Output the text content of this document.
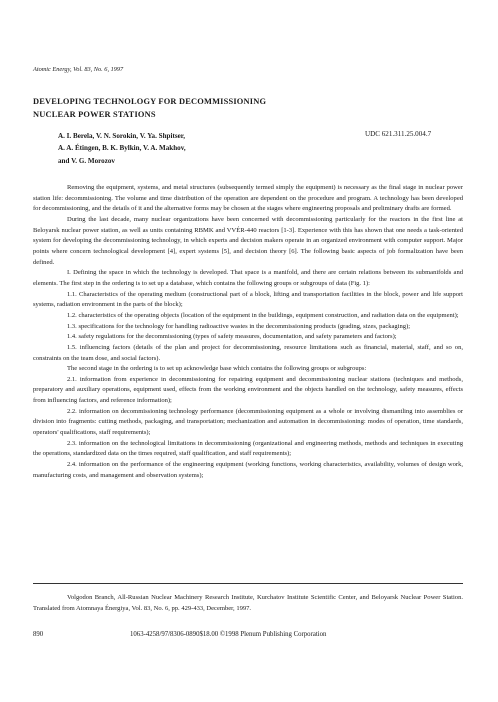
Atomic Energy, Vol. 83, No. 6, 1997
DEVELOPING TECHNOLOGY FOR DECOMMISSIONING
NUCLEAR POWER STATIONS
A. I. Berela, V. N. Sorokin, V. Ya. Shpitser,
A. A. Étingen, B. K. Bylkin, V. A. Makhov,
and V. G. Morozov
UDC 621.311.25.004.7

Removing the equipment, systems, and metal structures (subsequently termed simply the equipment) is necessary as the final stage in nuclear power station life: decommissioning. The volume and time distribution of the operation are dependent on the procedure and program. A technology has been developed for decommissioning, and the details of it and the alternative forms may be chosen at the stages where engineering proposals and preliminary drafts are formed.

During the last decade, many nuclear organizations have been concerned with decommissioning particularly for the reactors in the first line at Beloyarsk nuclear power station, as well as units containing RBMK and VVÉR-440 reactors [1-3]. Experience with this has shown that one needs a task-oriented system for developing the decommissioning technology, in which experts and decision makers operate in an organized environment with computer support. Major points where concern technological development [4], expert systems [5], and decision theory [6]. The following basic aspects of job formalization have been defined.

I. Defining the space in which the technology is developed. That space is a manifold, and there are certain relations between its submanifolds and elements. The first step in the ordering is to set up a database, which contains the following groups or subgroups of data (Fig. 1):

1.1. Characteristics of the operating medium (constructional part of a block, lifting and transportation facilities in the block, power and life support systems, radiation environment in the parts of the block);

1.2. characteristics of the operating objects (location of the equipment in the buildings, equipment construction, and radiation data on the equipment);

1.3. specifications for the technology for handling radioactive wastes in the decommissioning products (grading, sizes, packaging);

1.4. safety regulations for the decommissioning (types of safety measures, documentation, and safety parameters and factors);

1.5. influencing factors (details of the plan and project for decommissioning, resource limitations such as financial, material, staff, and so on, constraints on the team dose, and social factors).

The second stage in the ordering is to set up acknowledge base which contains the following groups or subgroups:

2.1. information from experience in decommissioning for repairing equipment and decommissioning nuclear stations (techniques and methods, preparatory and auxiliary operations, equipment used, effects from the working environment and the objects handled on the technology, safety measures, effects from influencing factors, and reference information);

2.2. information on decommissioning technology performance (decommissioning equipment as a whole or involving dismantling into assemblies or division into fragments: cutting methods, packaging, and transportation; mechanization and automation in decommissioning: modes of operation, time standards, operators' qualifications, staff requirements);

2.3. information on the technological limitations in decommissioning (organizational and engineering methods, methods and techniques in executing the operations, standardized data on the times required, staff qualification, and staff requirements);

2.4. information on the performance of the engineering equipment (working functions, working characteristics, availability, volumes of design work, manufacturing costs, and management and observation systems);

Volgodon Branch, All-Russian Nuclear Machinery Research Institute, Kurchatov Institute Scientific Center, and Beloyarsk Nuclear Power Station. Translated from Atomnaya Énergiya, Vol. 83, No. 6, pp. 429-433, December, 1997.

890	1063-4258/97/8306-0890$18.00 ©1998 Plenum Publishing Corporation
